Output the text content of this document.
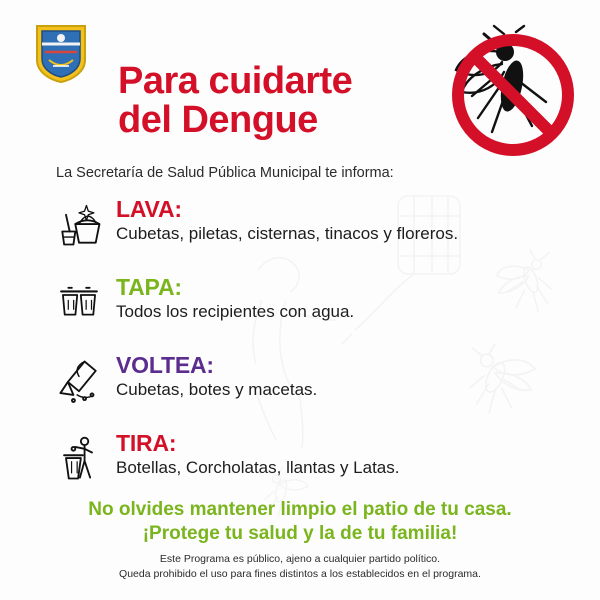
Para cuidarte
del Dengue
La Secretaría de Salud Pública Municipal te informa:
LAVA:
Cubetas, piletas, cisternas, tinacos y floreros.
TAPA:
Todos los recipientes con agua.
VOLTEA:
Cubetas, botes y macetas.
TIRA:
Botellas, Corcholatas, llantas y Latas.
No olvides mantener limpio el patio de tu casa.
¡Protege tu salud y la de tu familia!
Este Programa es público, ajeno a cualquier partido político.
Queda prohibido el uso para fines distintos a los establecidos en el programa.
